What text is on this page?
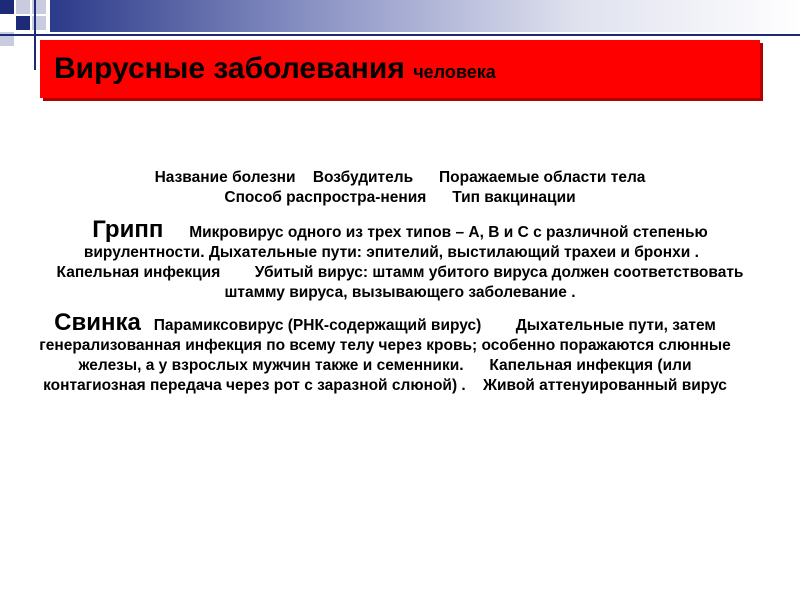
Вирусные заболевания человека

Название болезни Возбудитель Поражаемые области тела
Способ распростра-нения Тип вакцинации

Грипп Микровирус одного из трех типов – А, В и С с различной степенью вирулентности. Дыхательные пути: эпителий, выстилающий трахеи и бронхи .     Капельная инфекция Убитый вирус: штамм убитого вируса должен соответствовать штамму вируса, вызывающего заболевание .

Свинка Парамиксовирус (РНК-содержащий вирус) Дыхательные пути, затем генерализованная инфекция по всему телу через кровь; особенно поражаются слюнные железы, а у взрослых мужчин также и семенники. Капельная инфекция (или контагиозная передача через рот с заразной слюной) . Живой аттенуированный вирус
